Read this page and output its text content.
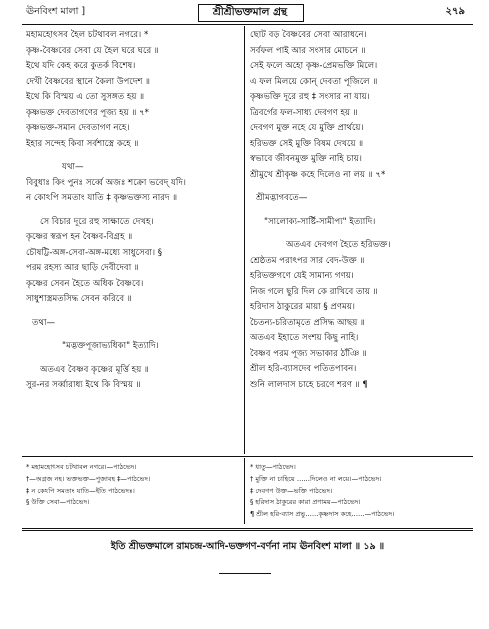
ঊনবিংশ মালা ]	শ্রীশ্রীভক্তমাল গ্রন্থ	২৭৯
মহামহোৎসব হৈল চটথাবল নগরে। *
কৃষ্ণ-বৈষ্ণবের সেবা যে হৈল ঘরে ঘরে ॥
ইথে যদি কেহ করে কুতর্ক বিশেষ।
দেখী বৈষ্ণবের স্থানে কৈলা উপদেশ ॥
ইথে কি বিস্ময় এ তো সুসঙ্গত হয় ॥
কৃষ্ণভক্ত দেবতাগণের পূজ্য হয় ॥ ৭*
কৃষ্ণভক্ত-সমান দেবতাগণ নহে।
ইহার সন্দেহ কিবা সর্বশাস্ত্রে কহে ॥
যথা—
বিবুধাঃ কিং পুনঃ সর্ব্বে অজঃ শক্রো ভবেদ্ যদি।
ন কোঽপি সমতাং যাতি ‡ কৃষ্ণভক্তস্য নারদ ॥
সে বিচার দূরে রহু সাক্ষাতে দেখহ।
কৃষ্ণের স্বরূপ হন বৈষ্ণব-বিগ্রহ ॥
চৌষট্টি-অঙ্গ-সেবা-অঙ্গ-মধ্যে সাধুসেবা। §
পরম রহস্য আর ছাড়ি দেবীদেবা ॥
কৃষ্ণের সেবন হৈতে অধিক বৈষ্ণবে।
সাধুশাস্ত্রমতসিদ্ধ সেবন করিবে ॥
তথা—
"মদ্ভক্তপূজাভ্যধিকা" ইত্যাদি।
অতএব বৈষ্ণব কৃষ্ণের মূর্ত্তি হয় ॥
সুর-নর সর্ব্বারাধ্য ইথে কি বিস্ময় ॥
ছোট বড় বৈষ্ণবের সেবা আরাধনে।
সর্বফল পাই আর সংসার মোচনে ॥
সেই ফলে অহো কৃষ্ণ-প্রেমভক্তি মিলে।
এ ফল মিলয়ে কোন্ দেবতা পূজিলে ॥
কৃষ্ণভক্তি দূরে রহু ‡ সংসার না যায়।
ত্রিবর্গের ফল-সাধ্য দেবগণ হয় ॥
দেবগণ মুক্ত নহে যে মুক্তি প্রার্থয়ে।
হরিভক্ত সেই মুক্তি বিষম দেখয়ে ॥
স্বভাবে জীবনমুক্ত মুক্তি নাহি চায়।
শ্রীমুখে শ্রীকৃষ্ণ কহে দিলেও না লয় ॥ ৭*
শ্রীমদ্ভাগবতে—
"সালোক্য-সার্ষ্টি-সামীপ্য" ইত্যাদি।
অতএব দেবগণ হৈতে হরিভক্ত।
শ্রেষ্ঠতম পরাৎপর সার বেদ-উক্ত ॥
হরিভক্তগণে যেই সামান্য গণয়।
নিজ গলে ছুরি দিল কে রাখিবে তায় ॥
হরিদাস ঠাকুরের মায়া § প্রণময়।
চৈতন্য-চরিতামৃতে প্রসিদ্ধ আছয় ॥
অতএব ইহাতে সংশয় কিছু নাহি।
বৈষ্ণব পরম পূজ্য সভাকার ঠাঁঞি ॥
শ্রীল হরি-ব্যাসদেব পতিতপাবন।
শুনি লালদাস চাহে চরণে শরণ ॥ ¶
* মহামহোৎসব চটথাবল নগরে।—পাঠভেদ।
†—অগ্রজ নহ। ভক্তভক্ত—পুজাবহ ‡—পাঠভেদ।
‡ ন কেঽপি সমতাং যাতি—ইতি পাঠভেদঃ।
§ উক্তি সেবা—পাঠভেদ।
* ধাতু—পাঠভেদ।
† মুক্তি না চাহিয়ে ……দিলেও না লয়ে।—পাঠভেদ।
‡ দেবগণ উক্ত—ভক্তি পাঠভেদ।
§ হরিদাস ঠাকুরের কারা প্রণাময়—পাঠভেদ।
¶ শ্রীল হরি-ব্যাস প্রভু……কৃষ্ণদাস কহে……—পাঠভেদ।
ইতি শ্রীভক্তমালে রামচন্দ্র-আদি-ভক্তগণ-বর্ণনা নাম ঊনবিংশ মালা ॥ ১৯ ॥
